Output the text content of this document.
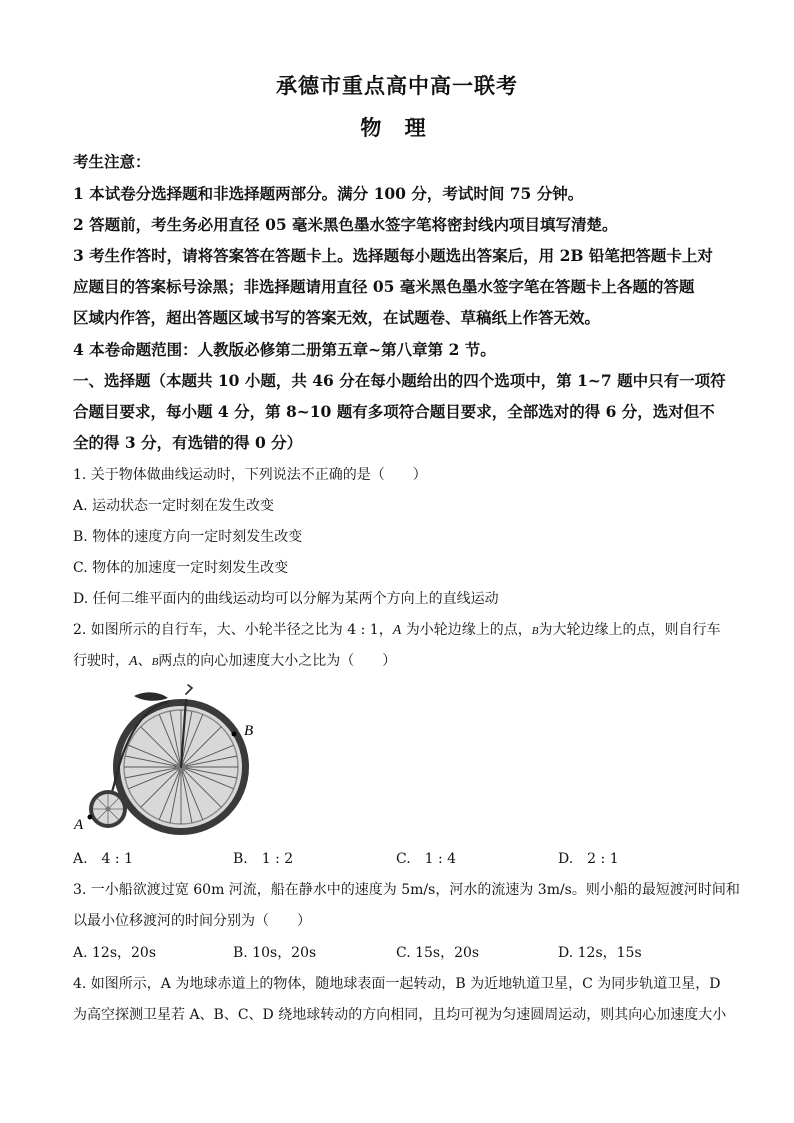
承德市重点高中高一联考
物 理
考生注意：
1 本试卷分选择题和非选择题两部分。满分 100 分，考试时间 75 分钟。
2 答题前，考生务必用直径 05 毫米黑色墨水签字笔将密封线内项目填写清楚。
3 考生作答时，请将答案答在答题卡上。选择题每小题选出答案后，用 2B 铅笔把答题卡上对
应题目的答案标号涂黑；非选择题请用直径 05 毫米黑色墨水签字笔在答题卡上各题的答题
区域内作答，超出答题区域书写的答案无效，在试题卷、草稿纸上作答无效。
4 本卷命题范围：人教版必修第二册第五章~第八章第 2 节。
一、选择题（本题共 10 小题，共 46 分在每小题给出的四个选项中，第 1~7 题中只有一项符
合题目要求，每小题 4 分，第 8~10 题有多项符合题目要求，全部选对的得 6 分，选对但不
全的得 3 分，有选错的得 0 分）
1. 关于物体做曲线运动时，下列说法不正确的是（　　）
A. 运动状态一定时刻在发生改变
B. 物体的速度方向一定时刻发生改变
C. 物体的加速度一定时刻发生改变
D. 任何二维平面内的曲线运动均可以分解为某两个方向上的直线运动
2. 如图所示的自行车，大、小轮半径之比为 4 : 1，A 为小轮边缘上的点，B为大轮边缘上的点，则自行车
行驶时，A、B两点的向心加速度大小之比为（　　）
A
B
A.　4 : 1	B.　1 : 2	C.　1 : 4	D.　2 : 1
3. 一小船欲渡过宽 60m 河流，船在静水中的速度为 5m/s，河水的流速为 3m/s。则小船的最短渡河时间和
以最小位移渡河的时间分别为（　　）
A. 12s，20s	B. 10s，20s	C. 15s，20s	D. 12s，15s
4. 如图所示，A 为地球赤道上的物体，随地球表面一起转动，B 为近地轨道卫星，C 为同步轨道卫星，D
为高空探测卫星若 A、B、C、D 绕地球转动的方向相同，且均可视为匀速圆周运动，则其向心加速度大小
